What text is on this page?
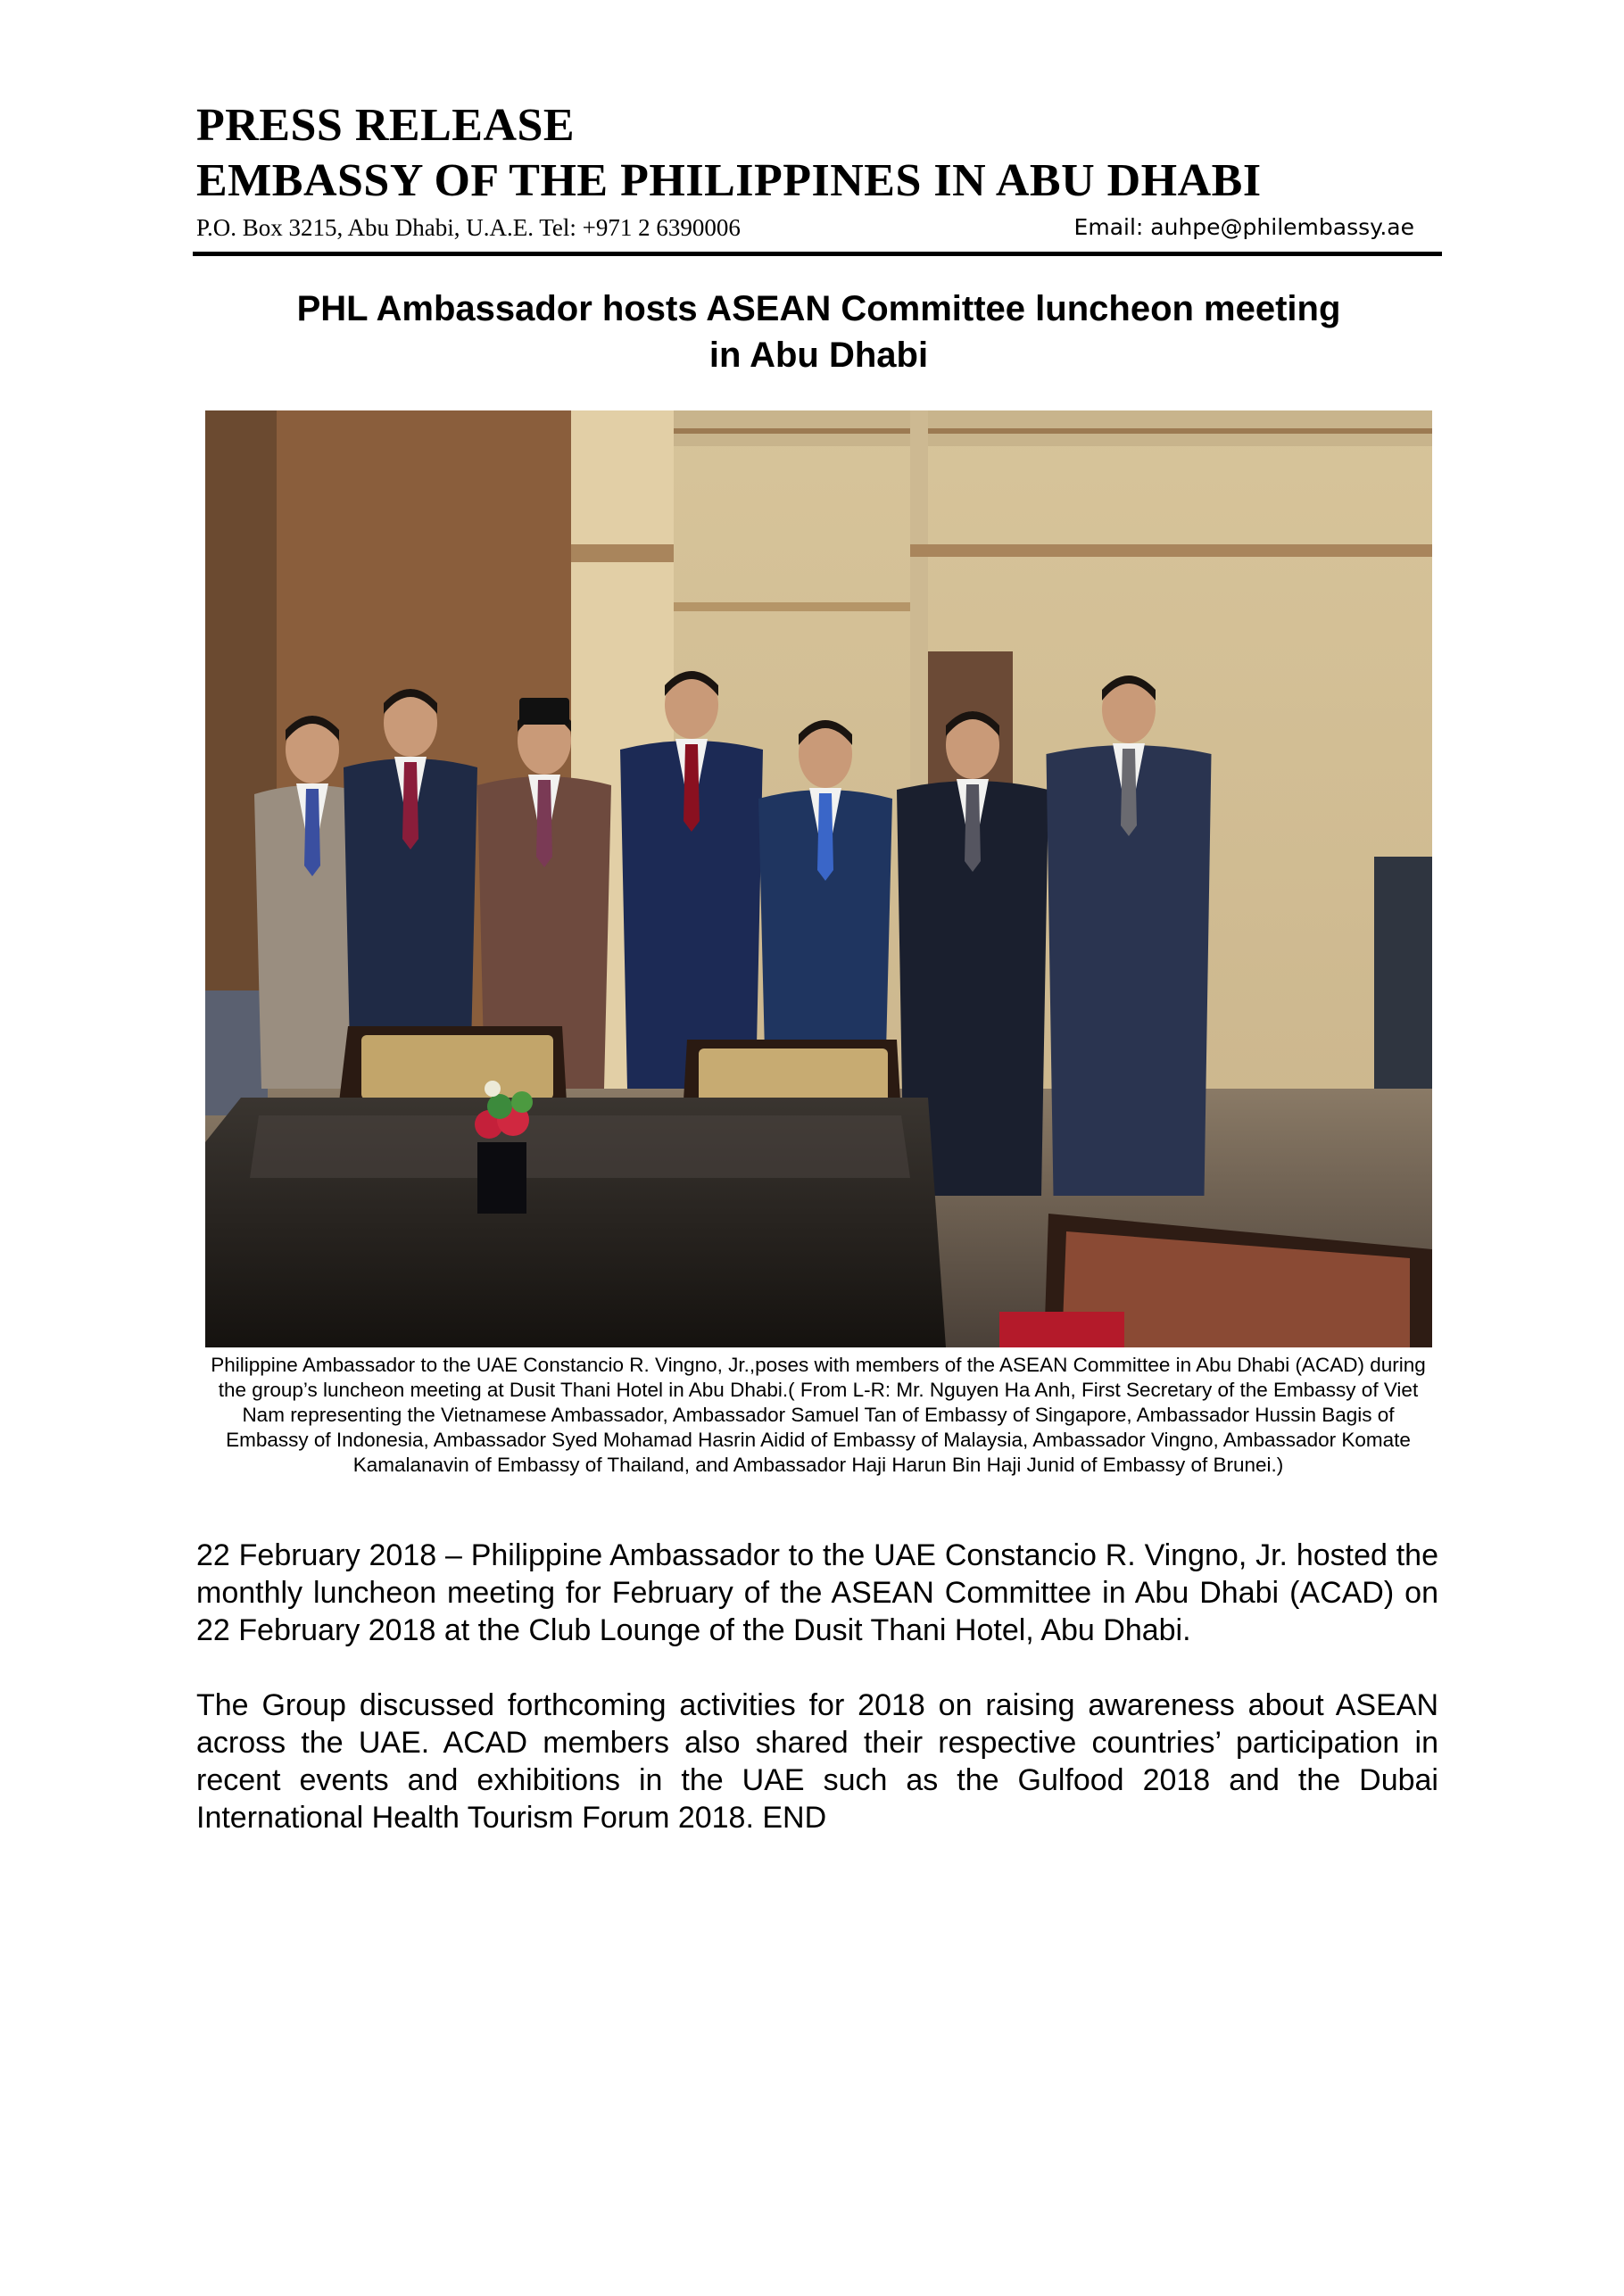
PRESS RELEASE
EMBASSY OF THE PHILIPPINES IN ABU DHABI
P.O. Box 3215, Abu Dhabi, U.A.E. Tel: +971 2 6390006	Email: auhpe@philembassy.ae
PHL Ambassador hosts ASEAN Committee luncheon meeting
in Abu Dhabi
Philippine Ambassador to the UAE Constancio R. Vingno, Jr.,poses with members of the ASEAN Committee in Abu Dhabi (ACAD) during the group’s luncheon meeting at Dusit Thani Hotel in Abu Dhabi.( From L-R: Mr. Nguyen Ha Anh, First Secretary of the Embassy of Viet Nam representing the Vietnamese Ambassador, Ambassador Samuel Tan of Embassy of Singapore, Ambassador Hussin Bagis of Embassy of Indonesia, Ambassador Syed Mohamad Hasrin Aidid of Embassy of Malaysia, Ambassador Vingno, Ambassador Komate Kamalanavin of Embassy of Thailand, and Ambassador Haji Harun Bin Haji Junid of Embassy of Brunei.)

22 February 2018 – Philippine Ambassador to the UAE Constancio R. Vingno, Jr. hosted the monthly luncheon meeting for February of the ASEAN Committee in Abu Dhabi (ACAD) on 22 February 2018 at the Club Lounge of the Dusit Thani Hotel, Abu Dhabi.

The Group discussed forthcoming activities for 2018 on raising awareness about ASEAN across the UAE. ACAD members also shared their respective countries’ participation in recent events and exhibitions in the UAE such as the Gulfood 2018 and the Dubai International Health Tourism Forum 2018. END
